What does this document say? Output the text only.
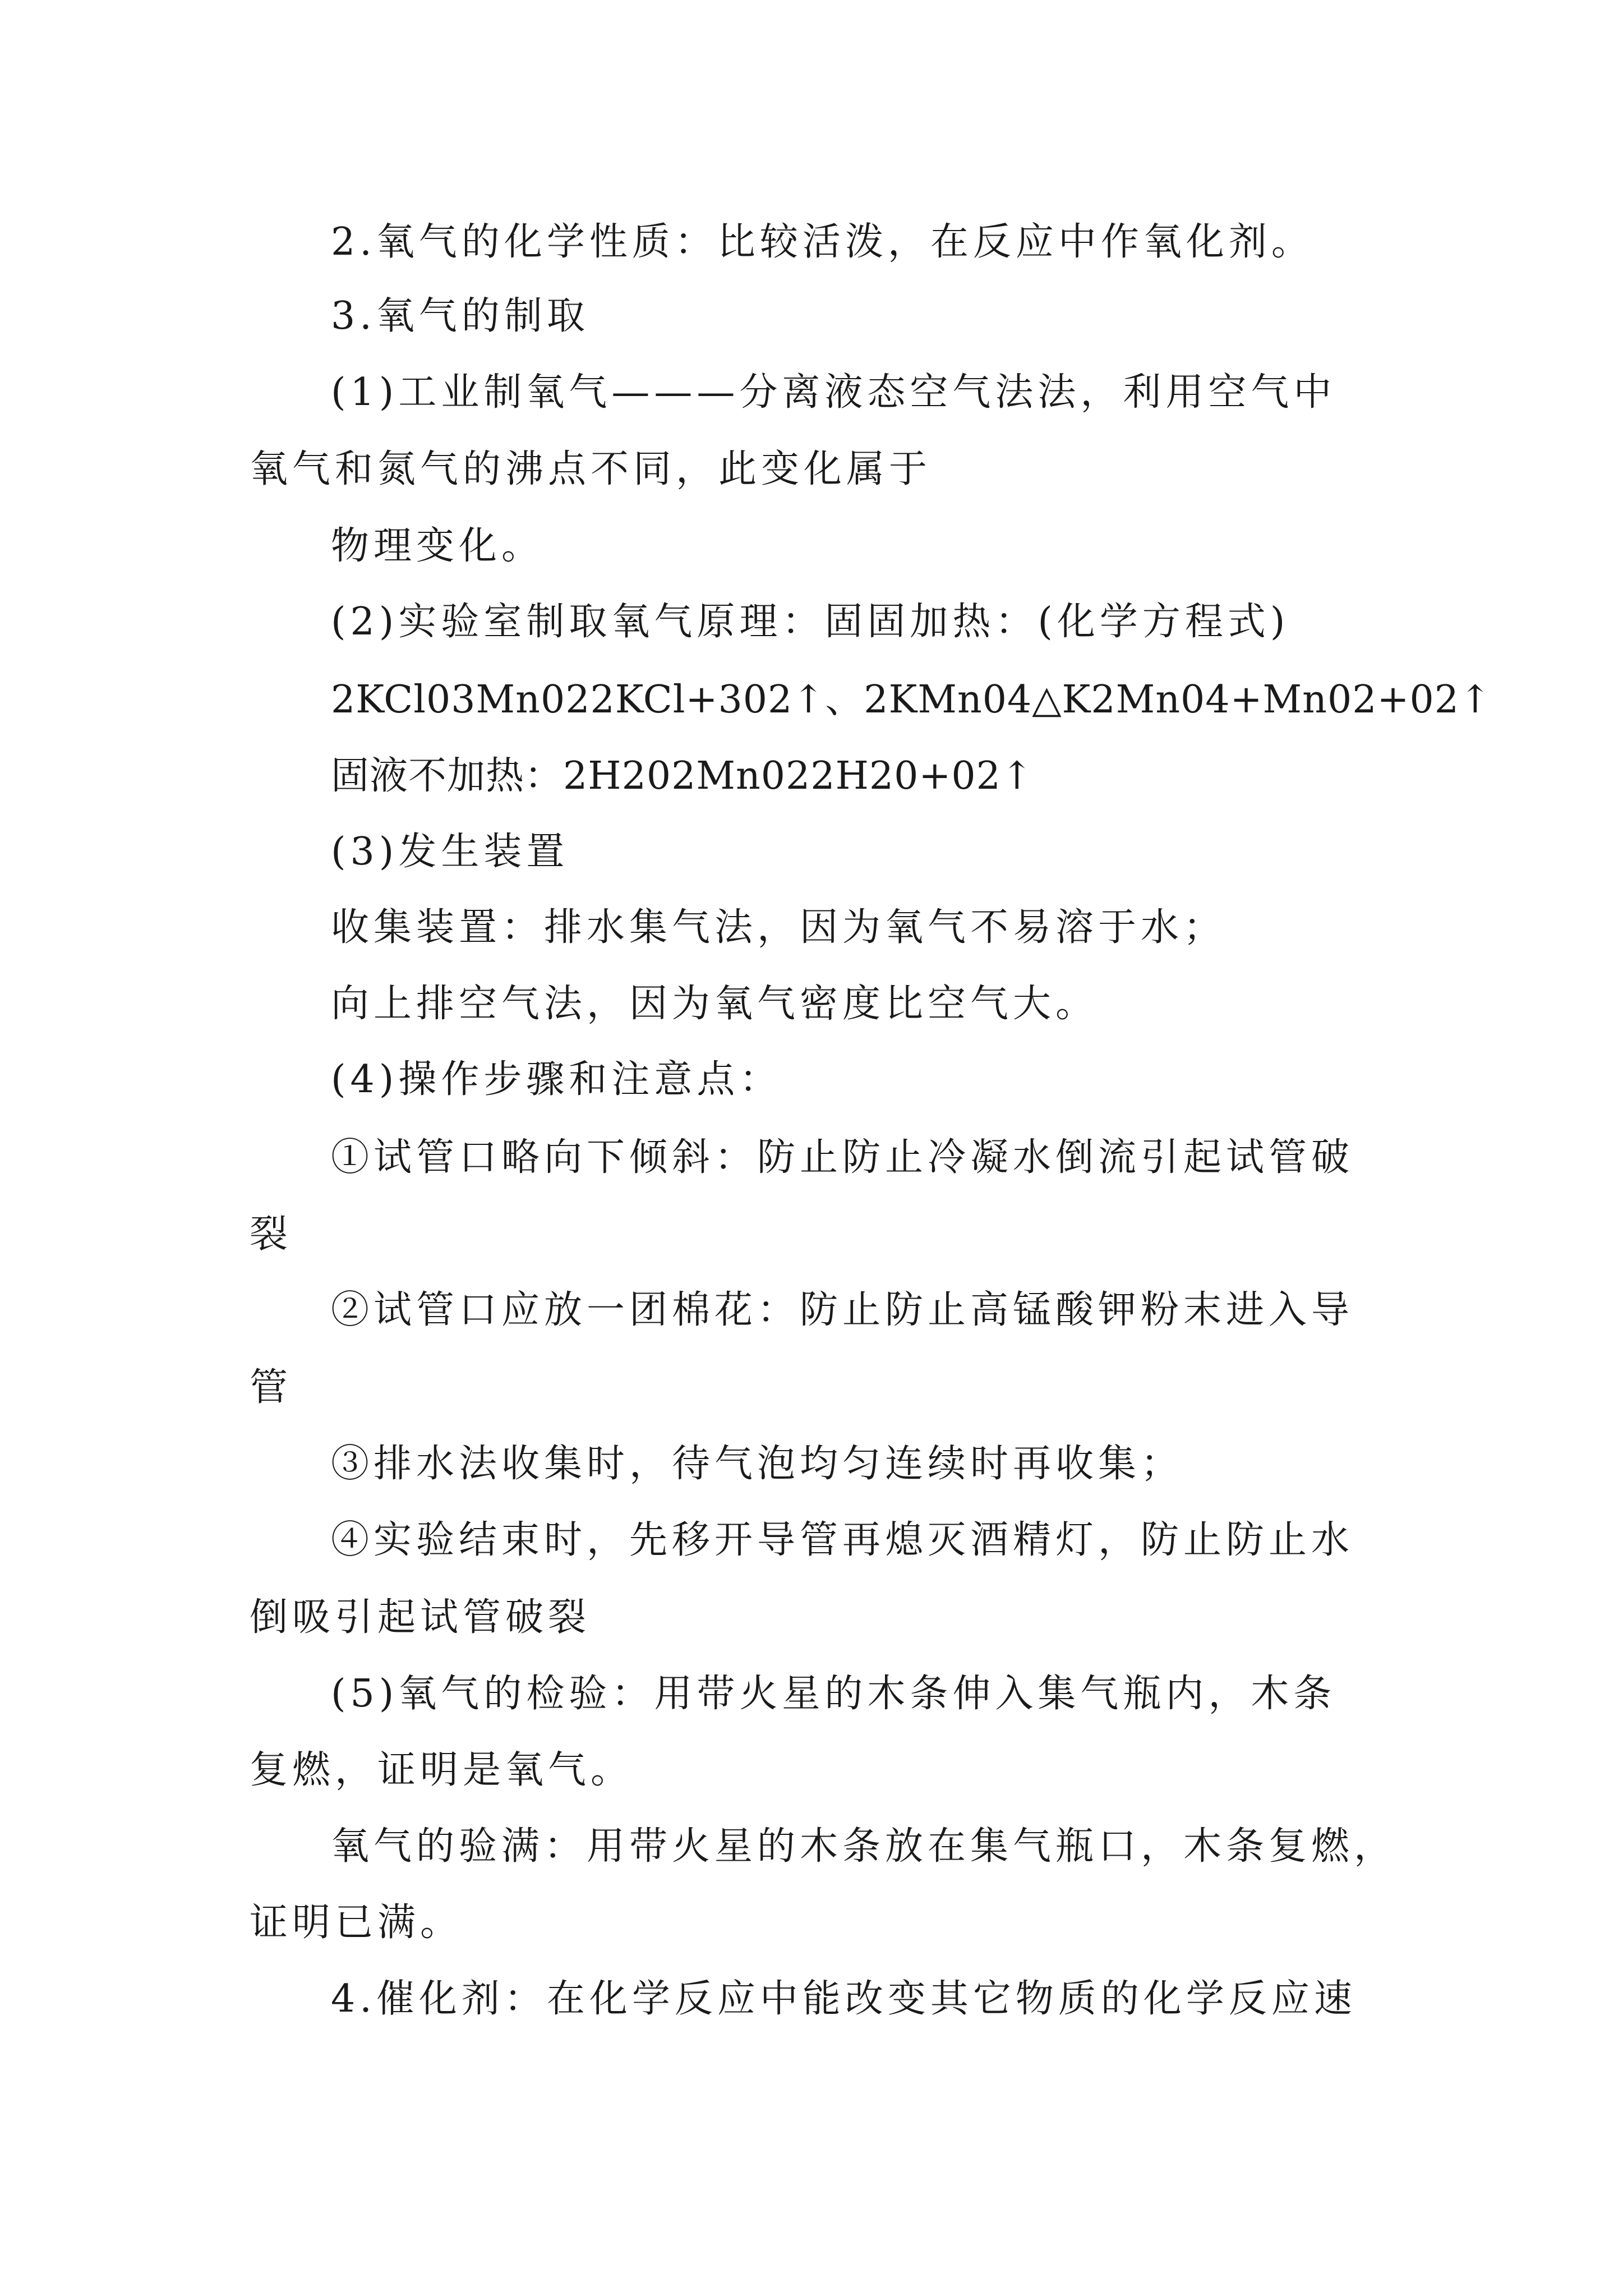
2.氧气的化学性质：比较活泼，在反应中作氧化剂。
3.氧气的制取
(1)工业制氧气———分离液态空气法法，利用空气中
氧气和氮气的沸点不同，此变化属于
物理变化。
(2)实验室制取氧气原理：固固加热：(化学方程式)
2KCl03Mn022KCl+302↑、2KMn04△K2Mn04+Mn02+02↑
固液不加热：2H202Mn022H20+02↑
(3)发生装置
收集装置：排水集气法，因为氧气不易溶于水；
向上排空气法，因为氧气密度比空气大。
(4)操作步骤和注意点：
①试管口略向下倾斜：防止防止冷凝水倒流引起试管破
裂
②试管口应放一团棉花：防止防止高锰酸钾粉末进入导
管
③排水法收集时，待气泡均匀连续时再收集；
④实验结束时，先移开导管再熄灭酒精灯，防止防止水
倒吸引起试管破裂
(5)氧气的检验：用带火星的木条伸入集气瓶内，木条
复燃，证明是氧气。
氧气的验满：用带火星的木条放在集气瓶口，木条复燃，
证明已满。
4.催化剂：在化学反应中能改变其它物质的化学反应速
